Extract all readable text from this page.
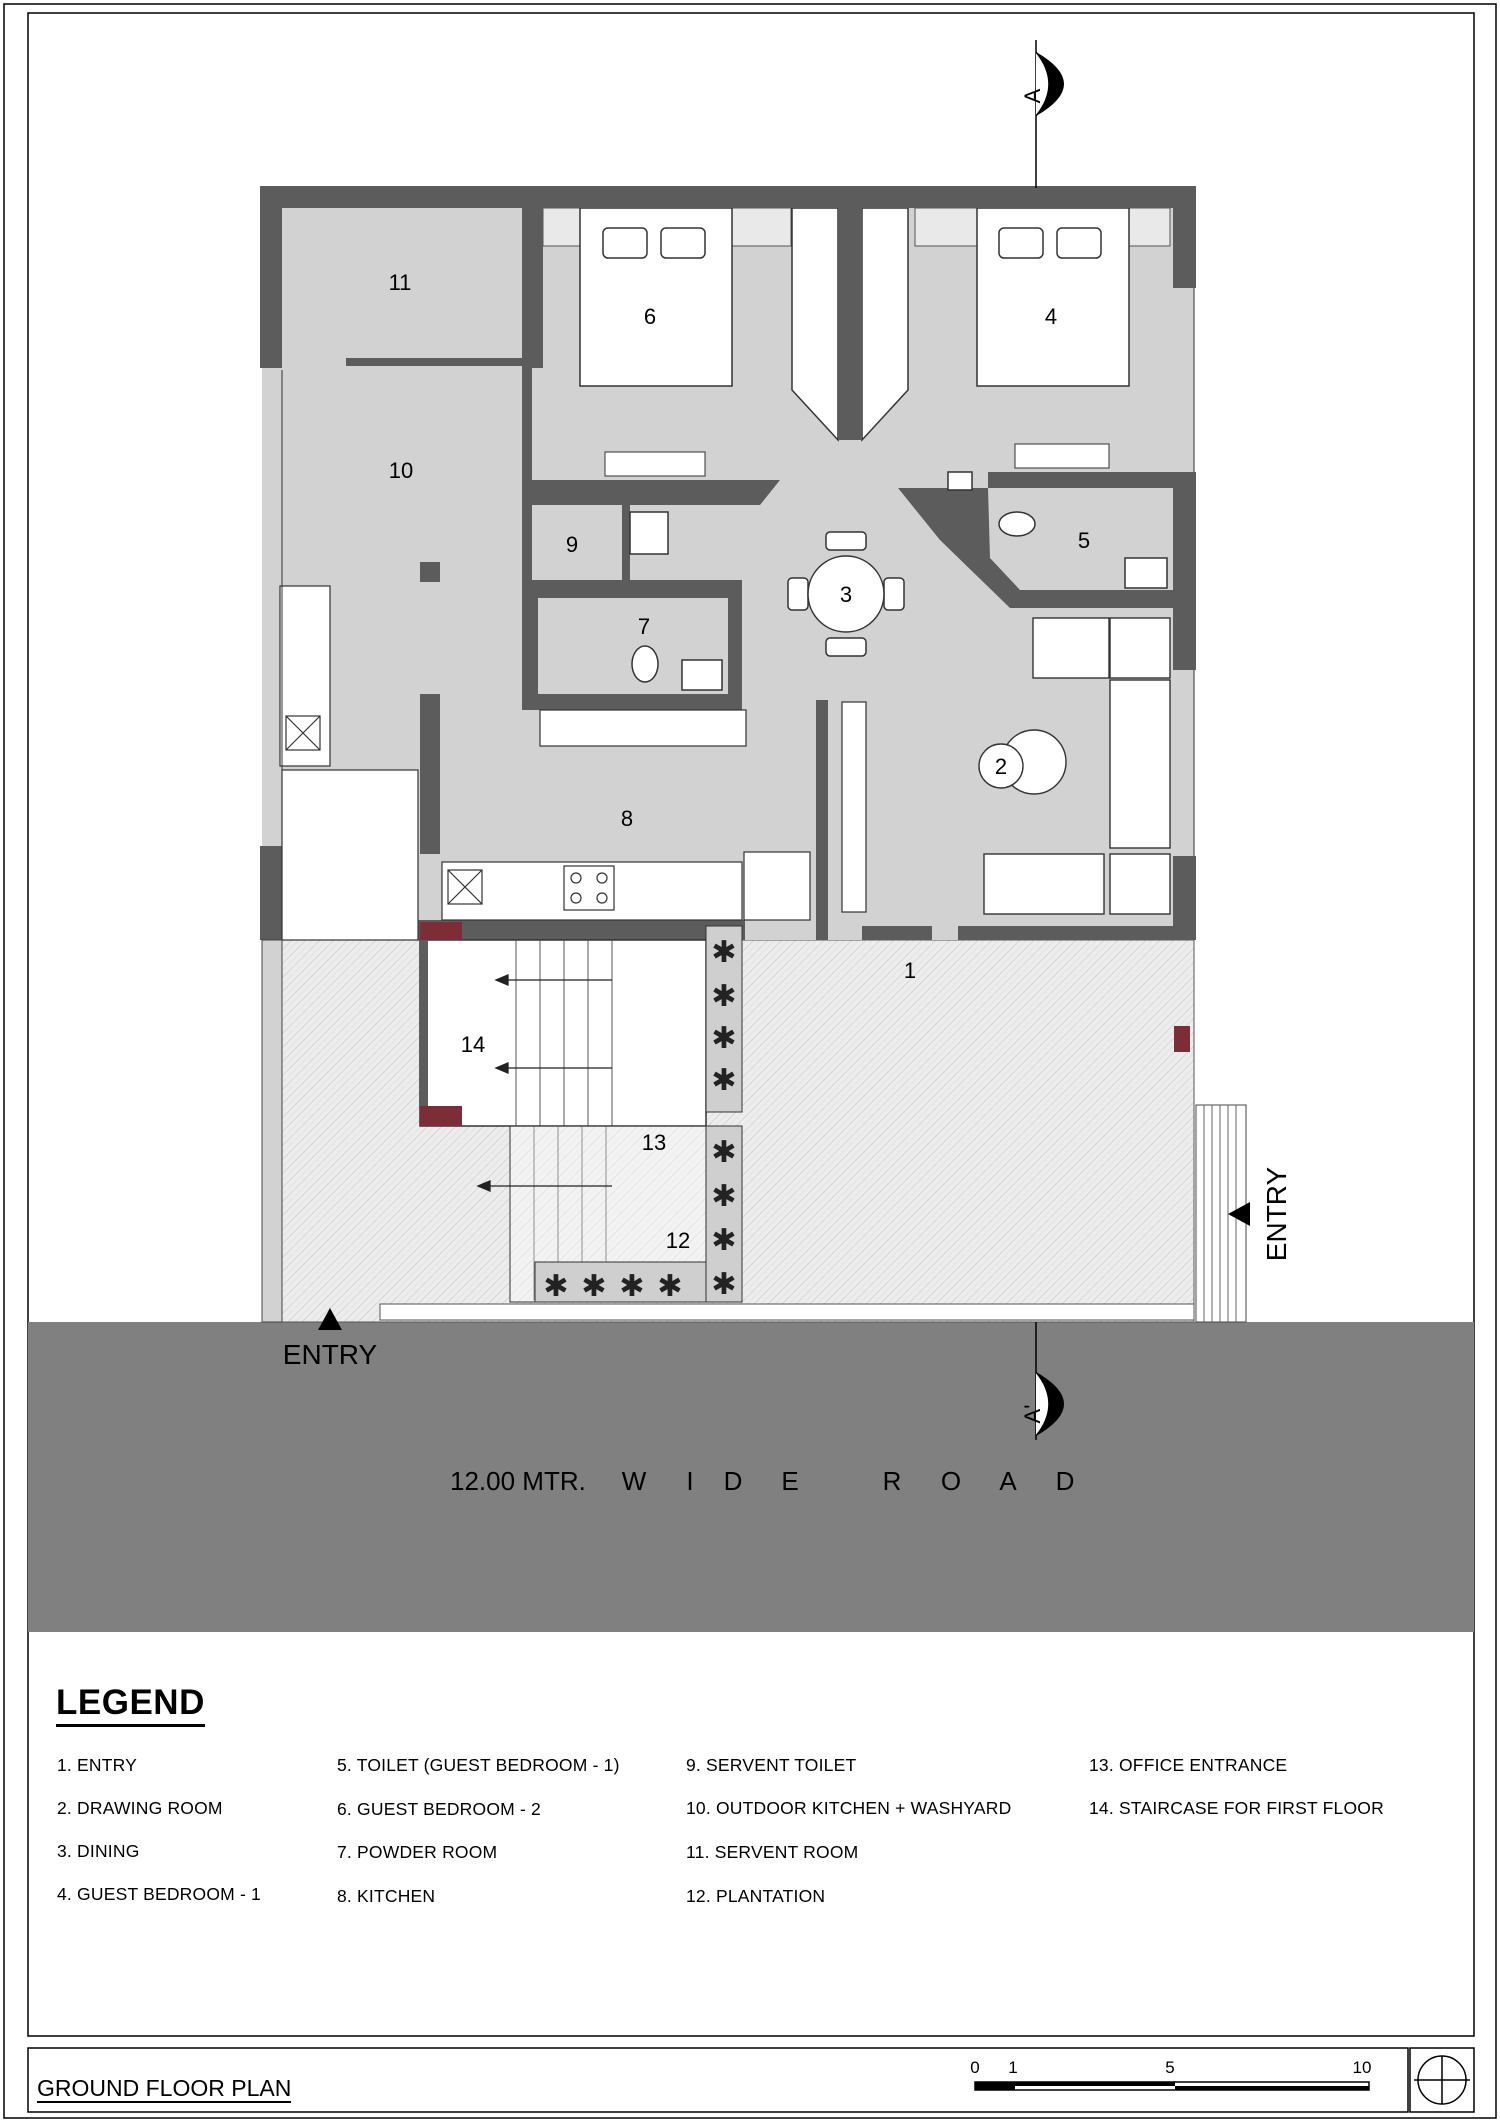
✱
✱
✱
✱
✱
✱
✱
✱
✱ ✱ ✱ ✱
A
A'
1
2
3
4
5
6
7
8
9
10
11
12
13
14
ENTRY
ENTRY
12.00 MTR. W I D E	R O A D
0 1	5	10
LEGEND
1. ENTRY
2. DRAWING ROOM
3. DINING
4. GUEST BEDROOM - 1
5. TOILET (GUEST BEDROOM - 1)
6. GUEST BEDROOM - 2
7. POWDER ROOM
8. KITCHEN
9. SERVENT TOILET
10. OUTDOOR KITCHEN + WASHYARD
11. SERVENT ROOM
12. PLANTATION
13. OFFICE ENTRANCE
14. STAIRCASE FOR FIRST FLOOR
GROUND FLOOR PLAN
